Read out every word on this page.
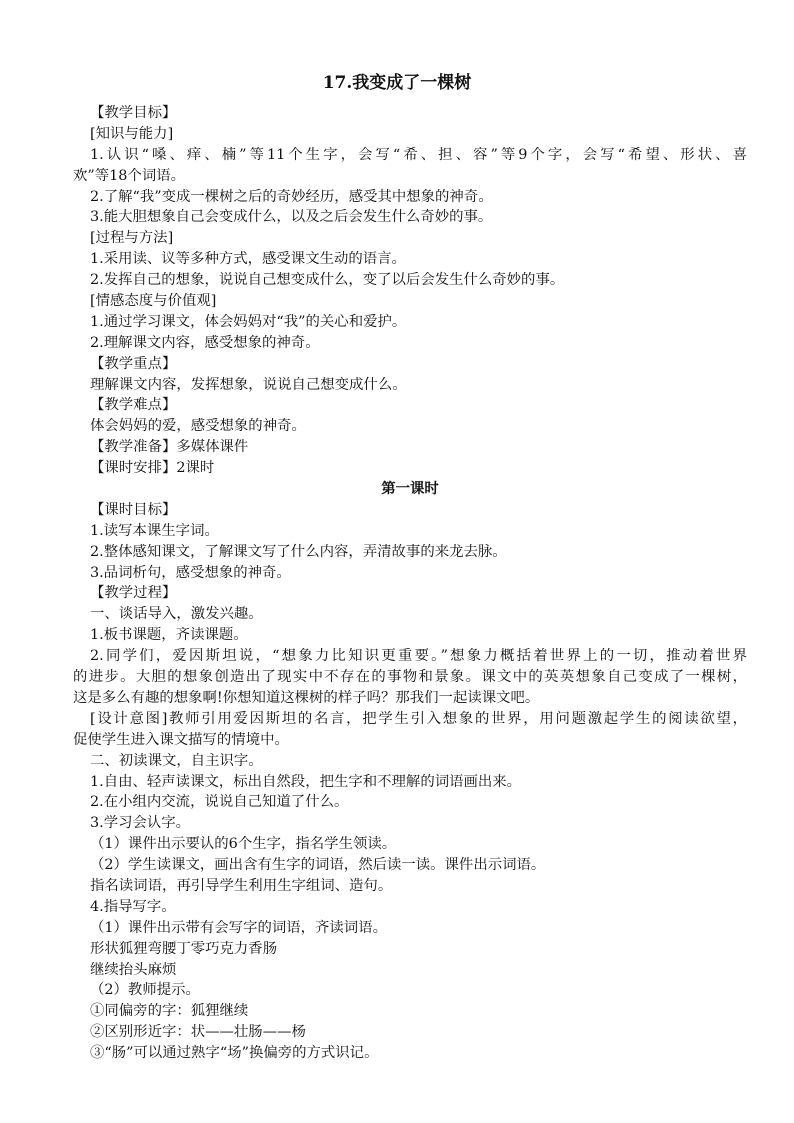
17.我变成了一棵树
【教学目标】
[知识与能力]
1.认识“嗓、痒、楠”等11个生字，会写“希、担、容”等9个字，会写“希望、形状、喜
欢”等18个词语。
2.了解“我”变成一棵树之后的奇妙经历，感受其中想象的神奇。
3.能大胆想象自己会变成什么，以及之后会发生什么奇妙的事。
[过程与方法]
1.采用读、议等多种方式，感受课文生动的语言。
2.发挥自己的想象，说说自己想变成什么，变了以后会发生什么奇妙的事。
[情感态度与价值观]
1.通过学习课文，体会妈妈对“我”的关心和爱护。
2.理解课文内容，感受想象的神奇。
【教学重点】
理解课文内容，发挥想象，说说自己想变成什么。
【教学难点】
体会妈妈的爱，感受想象的神奇。
【教学准备】多媒体课件
【课时安排】2课时
第一课时
【课时目标】
1.读写本课生字词。
2.整体感知课文，了解课文写了什么内容，弄清故事的来龙去脉。
3.品词析句，感受想象的神奇。
【教学过程】
一、谈话导入，激发兴趣。
1.板书课题，齐读课题。
2.同学们，爱因斯坦说，“想象力比知识更重要。”想象力概括着世界上的一切，推动着世界
的进步。大胆的想象创造出了现实中不存在的事物和景象。课文中的英英想象自己变成了一棵树，
这是多么有趣的想象啊!你想知道这棵树的样子吗？那我们一起读课文吧。
[设计意图]教师引用爱因斯坦的名言，把学生引入想象的世界，用问题激起学生的阅读欲望，
促使学生进入课文描写的情境中。
二、初读课文，自主识字。
1.自由、轻声读课文，标出自然段，把生字和不理解的词语画出来。
2.在小组内交流，说说自己知道了什么。
3.学习会认字。
（1）课件出示要认的6个生字，指名学生领读。
（2）学生读课文，画出含有生字的词语，然后读一读。课件出示词语。
指名读词语，再引导学生利用生字组词、造句。
4.指导写字。
（1）课件出示带有会写字的词语，齐读词语。
形状狐狸弯腰丁零巧克力香肠
继续抬头麻烦
（2）教师提示。
①同偏旁的字：狐狸继续
②区别形近字：状——壮肠——杨
③“肠”可以通过熟字“场”换偏旁的方式识记。
